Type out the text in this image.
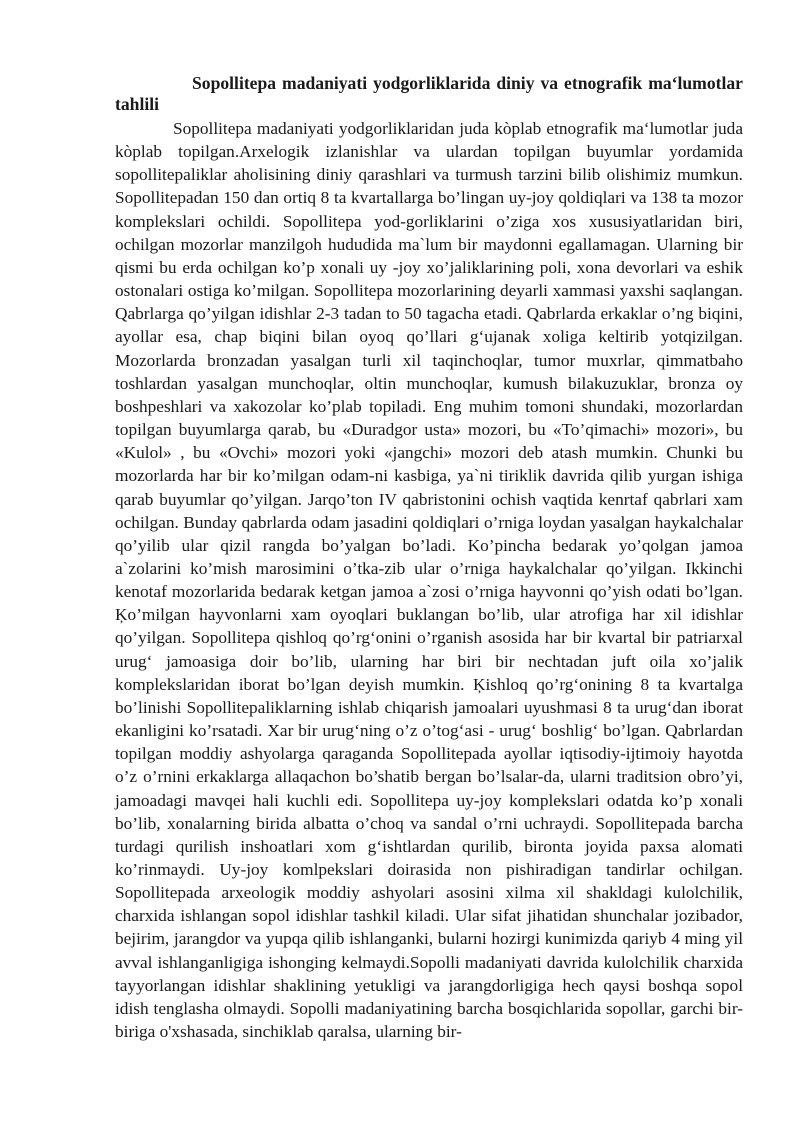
Sopollitepa madaniyati yodgorliklarida diniy va etnografik ma‘lumotlar tahlili

Sopollitepa madaniyati yodgorliklaridan juda kòplab etnografik ma‘lumotlar juda kòplab topilgan.Arxelogik izlanishlar va ulardan topilgan buyumlar yordamida sopollitepaliklar aholisining diniy qarashlari va turmush tarzini bilib olishimiz mumkun. Sopollitepadan 150 dan ortiq 8 ta kvartallarga bo’lingan uy-joy qoldiqlari va 138 ta mozor komplekslari ochildi. Sopollitepa yod-gorliklarini o’ziga xos xususiyatlaridan biri, ochilgan mozorlar manzilgoh hududida ma`lum bir maydonni egallamagan. Ularning bir qismi bu erda ochilgan ko’p xonali uy -joy xo’jaliklarining poli, xona devorlari va eshik ostonalari ostiga ko’milgan. Sopollitepa mozorlarining deyarli xammasi yaxshi saqlangan. Qabrlarga qo’yilgan idishlar 2-3 tadan to 50 tagacha etadi. Qabrlarda erkaklar o’ng biqini, ayollar esa, chap biqini bilan oyoq qo’llari g‘ujanak xoliga keltirib yotqizilgan. Mozorlarda bronzadan yasalgan turli xil taqinchoqlar, tumor muxrlar, qimmatbaho toshlardan yasalgan munchoqlar, oltin munchoqlar, kumush bilakuzuklar, bronza oy boshpeshlari va xakozolar ko’plab topiladi. Eng muhim tomoni shundaki, mozorlardan topilgan buyumlarga qarab, bu «Duradgor usta» mozori, bu «To’qimachi» mozori», bu «Kulol» , bu «Ovchi» mozori yoki «jangchi» mozori deb atash mumkin. Chunki bu mozorlarda har bir ko’milgan odam-ni kasbiga, ya`ni tiriklik davrida qilib yurgan ishiga qarab buyumlar qo’yilgan. Jarqo’ton IV qabristonini ochish vaqtida kenrtaf qabrlari xam ochilgan. Bunday qabrlarda odam jasadini qoldiqlari o’rniga loydan yasalgan haykalchalar qo’yilib ular qizil rangda bo’yalgan bo’ladi. Ko’pincha bedarak yo’qolgan jamoa a`zolarini ko’mish marosimini o’tka-zib ular o’rniga haykalchalar qo’yilgan. Ikkinchi kenotaf mozorlarida bedarak ketgan jamoa a`zosi o’rniga hayvonni qo’yish odati bo’lgan. Ķo’milgan hayvonlarni xam oyoqlari buklangan bo’lib, ular atrofiga har xil idishlar qo’yilgan. Sopollitepa qishloq qo’rg‘onini o’rganish asosida har bir kvartal bir patriarxal urug‘ jamoasiga doir bo’lib, ularning har biri bir nechtadan juft oila xo’jalik komplekslaridan iborat bo’lgan deyish mumkin. Ķishloq qo’rg‘onining 8 ta kvartalga bo’linishi Sopollitepaliklarning ishlab chiqarish jamoalari uyushmasi 8 ta urug‘dan iborat ekanligini ko’rsatadi. Xar bir urug‘ning o’z o’tog‘asi - urug‘ boshlig‘ bo’lgan. Qabrlardan topilgan moddiy ashyolarga qaraganda Sopollitepada ayollar iqtisodiy-ijtimoiy hayotda o’z o’rnini erkaklarga allaqachon bo’shatib bergan bo’lsalar-da, ularni traditsion obro’yi, jamoadagi mavqei hali kuchli edi. Sopollitepa uy-joy komplekslari odatda ko’p xonali bo’lib, xonalarning birida albatta o’choq va sandal o’rni uchraydi. Sopollitepada barcha turdagi qurilish inshoatlari xom g‘ishtlardan qurilib, bironta joyida paxsa alomati ko’rinmaydi. Uy-joy komlpekslari doirasida non pishiradigan tandirlar ochilgan. Sopollitepada arxeologik moddiy ashyolari asosini xilma xil shakldagi kulolchilik, charxida ishlangan sopol idishlar tashkil kiladi. Ular sifat jihatidan shunchalar jozibador, bejirim, jarangdor va yupqa qilib ishlanganki, bularni hozirgi kunimizda qariyb 4 ming yil avval ishlanganligiga ishonging kelmaydi.Sopolli madaniyati davrida kulolchilik charxida tayyorlangan idishlar shaklining yetukligi va jarangdorligiga hech qaysi boshqa sopol idish tenglasha olmaydi. Sopolli madaniyatining barcha bosqichlarida sopollar, garchi bir-biriga o'xshasada, sinchiklab qaralsa, ularning bir-
